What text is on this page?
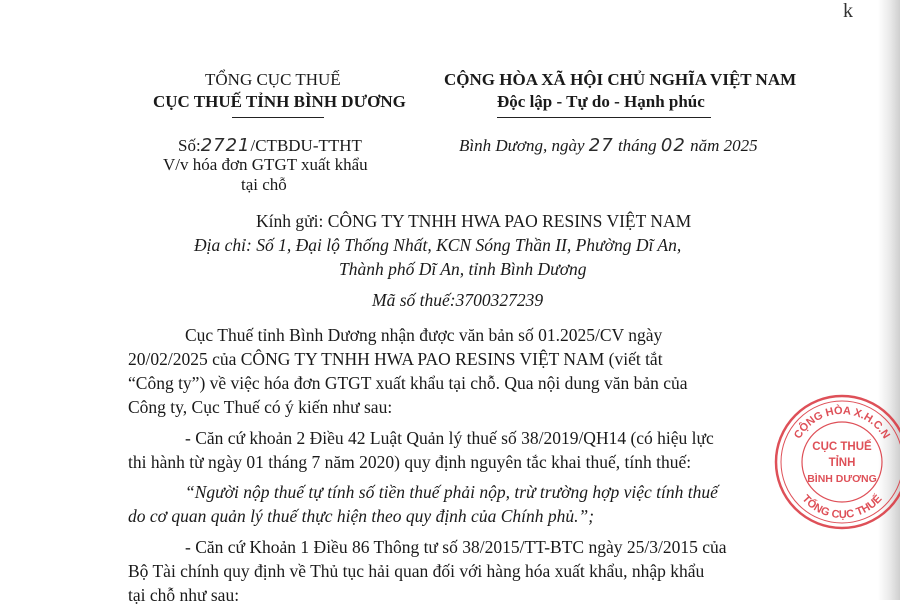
k
TỔNG CỤC THUẾ
CỤC THUẾ TỈNH BÌNH DƯƠNG
Số:2721/CTBDU-TTHT
V/v hóa đơn GTGT xuất khẩu
tại chỗ
CỘNG HÒA XÃ HỘI CHỦ NGHĨA VIỆT NAM
Độc lập - Tự do - Hạnh phúc
Bình Dương, ngày 27 tháng 02 năm 2025
Kính gửi: CÔNG TY TNHH HWA PAO RESINS VIỆT NAM
Địa chỉ: Số 1, Đại lộ Thống Nhất, KCN Sóng Thần II, Phường Dĩ An,
Thành phố Dĩ An, tỉnh Bình Dương
Mã số thuế:3700327239
Cục Thuế tỉnh Bình Dương nhận được văn bản số 01.2025/CV ngày
20/02/2025 của CÔNG TY TNHH HWA PAO RESINS VIỆT NAM (viết tắt
“Công ty”) về việc hóa đơn GTGT xuất khẩu tại chỗ. Qua nội dung văn bản của
Công ty, Cục Thuế có ý kiến như sau:
- Căn cứ khoản 2 Điều 42 Luật Quản lý thuế số 38/2019/QH14 (có hiệu lực
thi hành từ ngày 01 tháng 7 năm 2020) quy định nguyên tắc khai thuế, tính thuế:
“Người nộp thuế tự tính số tiền thuế phải nộp, trừ trường hợp việc tính thuế
do cơ quan quản lý thuế thực hiện theo quy định của Chính phủ.”;
- Căn cứ Khoản 1 Điều 86 Thông tư số 38/2015/TT-BTC ngày 25/3/2015 của
Bộ Tài chính quy định về Thủ tục hải quan đối với hàng hóa xuất khẩu, nhập khẩu
tại chỗ như sau:
CỘNG HÒA X.H.C.N
TỔNG CỤC THUẾ
CỤC THUẾ
TỈNH
BÌNH DƯƠNG
